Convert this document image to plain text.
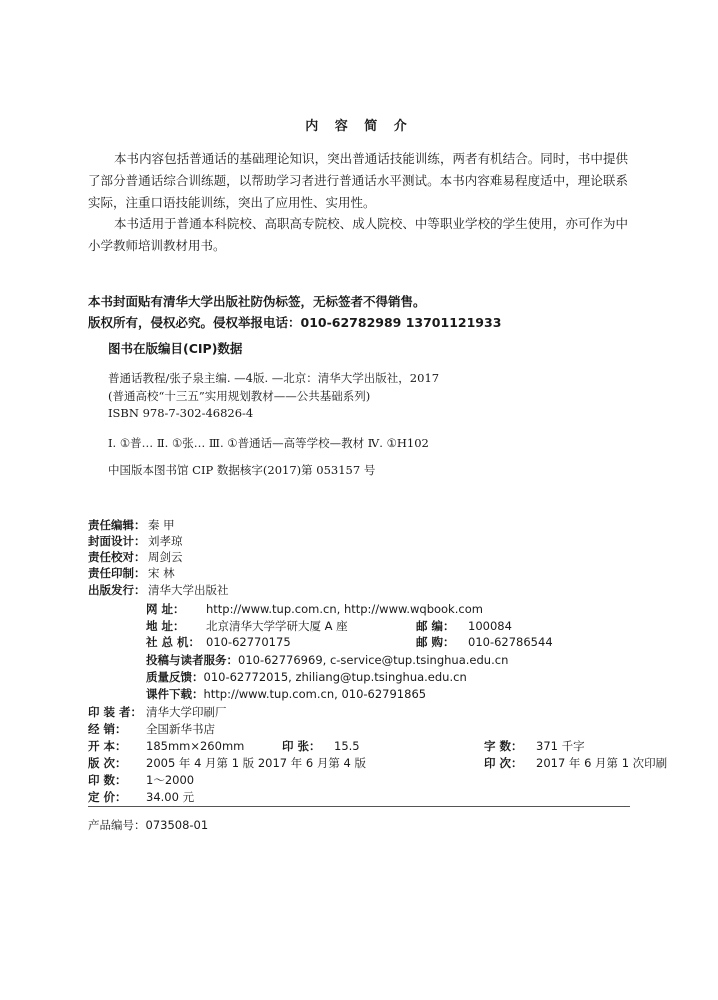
内 容 简 介
本书内容包括普通话的基础理论知识，突出普通话技能训练，两者有机结合。同时，书中提供了部分普通话综合训练题，以帮助学习者进行普通话水平测试。本书内容难易程度适中，理论联系实际，注重口语技能训练，突出了应用性、实用性。
本书适用于普通本科院校、高职高专院校、成人院校、中等职业学校的学生使用，亦可作为中小学教师培训教材用书。
本书封面贴有清华大学出版社防伪标签，无标签者不得销售。
版权所有，侵权必究。侵权举报电话：010-62782989 13701121933
图书在版编目(CIP)数据
普通话教程/张子泉主编. —4版. —北京：清华大学出版社，2017
(普通高校“十三五”实用规划教材——公共基础系列)
ISBN 978-7-302-46826-4
Ⅰ. ①普… Ⅱ. ①张… Ⅲ. ①普通话—高等学校—教材 Ⅳ. ①H102
中国版本图书馆 CIP 数据核字(2017)第 053157 号
责任编辑： 秦 甲
封面设计： 刘孝琼
责任校对： 周剑云
责任印制： 宋 林
出版发行： 清华大学出版社
网 址：	http://www.tup.com.cn, http://www.wqbook.com
地 址：	北京清华大学学研大厦 A 座	邮 编：	100084
社 总 机： 010-62770175	邮 购：	010-62786544
投稿与读者服务： 010-62776969, c-service@tup.tsinghua.edu.cn
质量反馈： 010-62772015, zhiliang@tup.tsinghua.edu.cn
课件下载： http://www.tup.com.cn, 010-62791865
印 装 者： 清华大学印刷厂
经 销：	全国新华书店
开 本：	185mm×260mm	印 张：	15.5	字 数：	371 千字
版 次：	2005 年 4 月第 1 版 2017 年 6 月第 4 版	印 次：	2017 年 6 月第 1 次印刷
印 数：	1～2000
定 价：	34.00 元
产品编号： 073508-01
